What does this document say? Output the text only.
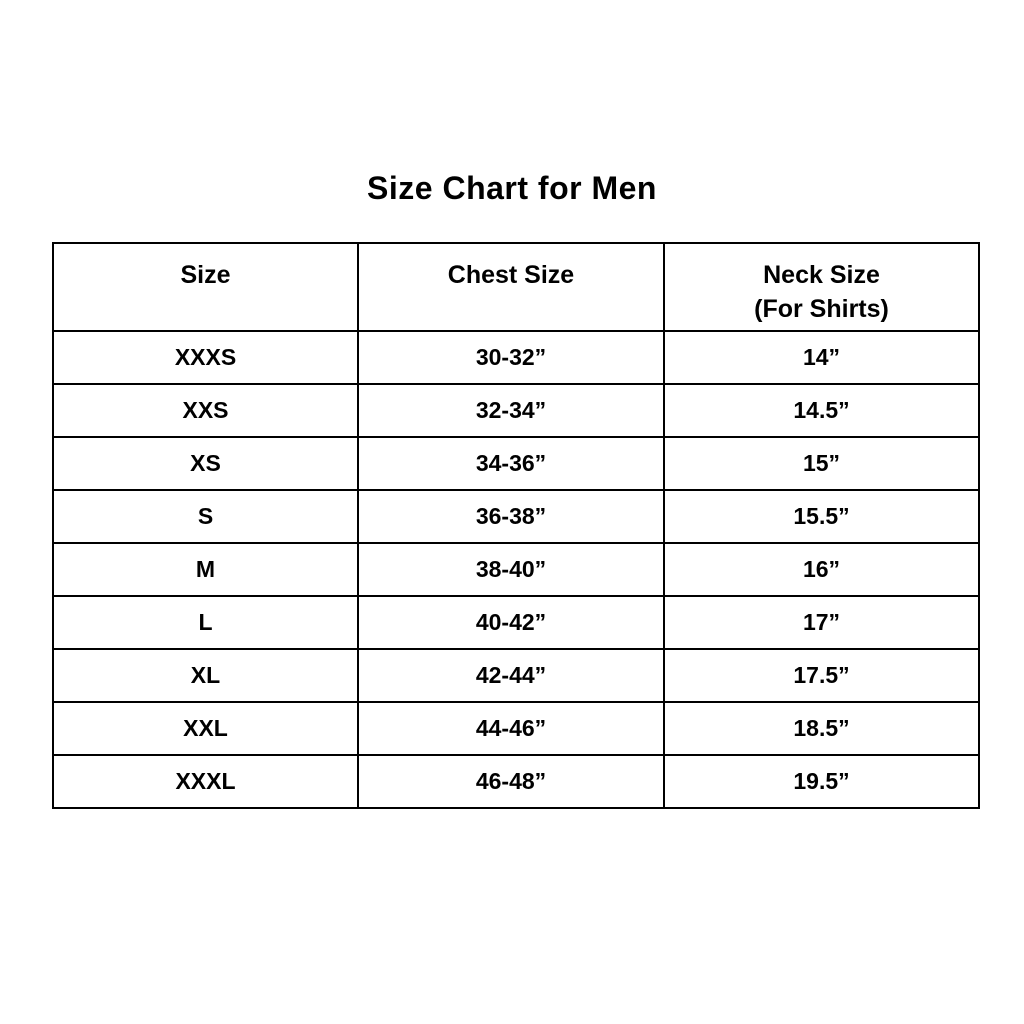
Size Chart for Men
Size	Chest Size	Neck Size
(For Shirts)
XXXS	30-32”	14”
XXS	32-34”	14.5”
XS	34-36”	15”
S	36-38”	15.5”
M	38-40”	16”
L	40-42”	17”
XL	42-44”	17.5”
XXL	44-46”	18.5”
XXXL	46-48”	19.5”
